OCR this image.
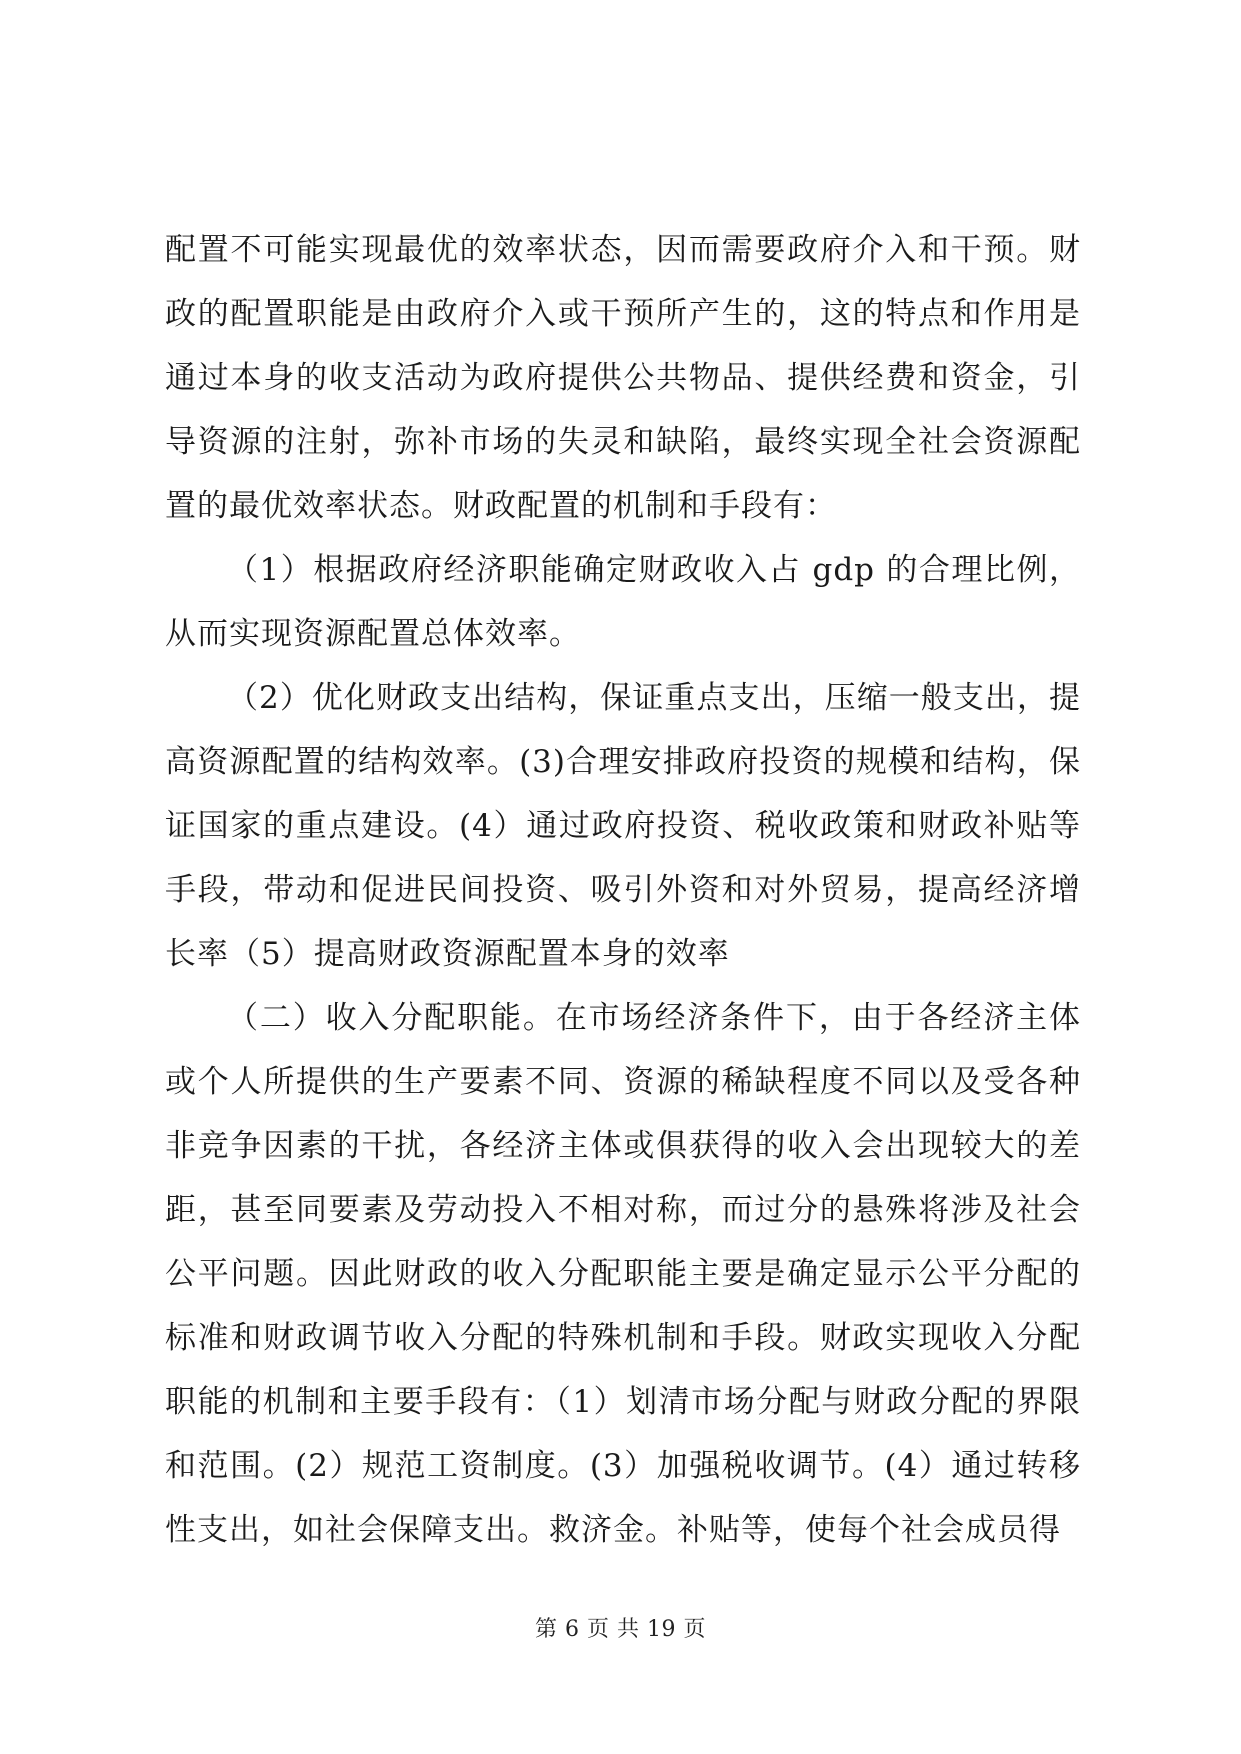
配置不可能实现最优的效率状态，因而需要政府介入和干预。财政的配置职能是由政府介入或干预所产生的，这的特点和作用是通过本身的收支活动为政府提供公共物品、提供经费和资金，引导资源的注射，弥补市场的失灵和缺陷，最终实现全社会资源配置的最优效率状态。财政配置的机制和手段有：

（1）根据政府经济职能确定财政收入占 gdp 的合理比例，从而实现资源配置总体效率。

（2）优化财政支出结构，保证重点支出，压缩一般支出，提高资源配置的结构效率。(3)合理安排政府投资的规模和结构，保证国家的重点建设。(4）通过政府投资、税收政策和财政补贴等手段，带动和促进民间投资、吸引外资和对外贸易，提高经济增长率（5）提高财政资源配置本身的效率

（二）收入分配职能。在市场经济条件下，由于各经济主体或个人所提供的生产要素不同、资源的稀缺程度不同以及受各种非竞争因素的干扰，各经济主体或俱获得的收入会出现较大的差距，甚至同要素及劳动投入不相对称，而过分的悬殊将涉及社会公平问题。因此财政的收入分配职能主要是确定显示公平分配的标准和财政调节收入分配的特殊机制和手段。财政实现收入分配职能的机制和主要手段有：（1）划清市场分配与财政分配的界限和范围。(2）规范工资制度。(3）加强税收调节。(4）通过转移性支出，如社会保障支出。救济金。补贴等，使每个社会成员得

第 6 页 共 19 页
